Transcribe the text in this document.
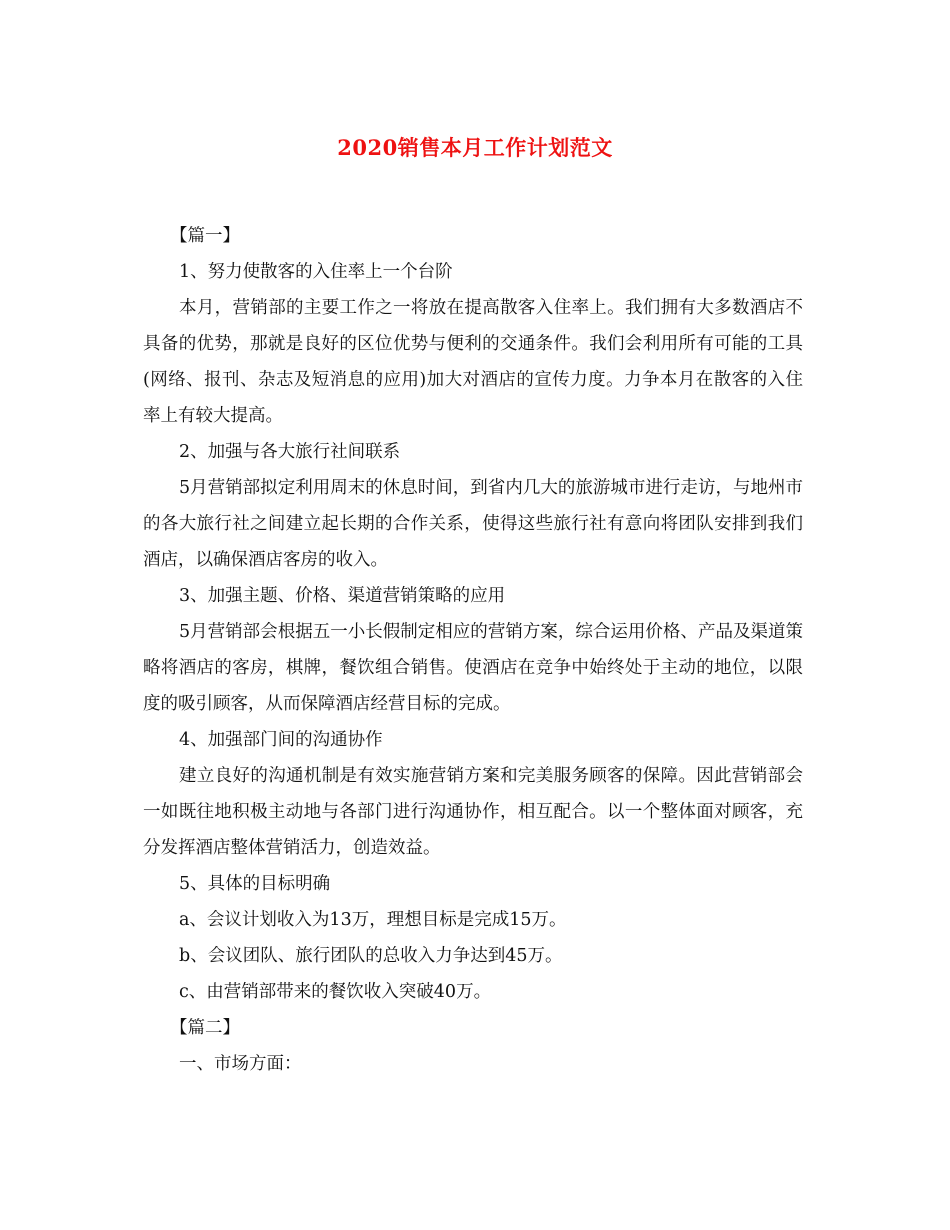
2020销售本月工作计划范文
【篇一】
1、努力使散客的入住率上一个台阶

本月，营销部的主要工作之一将放在提高散客入住率上。我们拥有大多数酒店不具备的优势，那就是良好的区位优势与便利的交通条件。我们会利用所有可能的工具(网络、报刊、杂志及短消息的应用)加大对酒店的宣传力度。力争本月在散客的入住率上有较大提高。

2、加强与各大旅行社间联系

5月营销部拟定利用周末的休息时间，到省内几大的旅游城市进行走访，与地州市的各大旅行社之间建立起长期的合作关系，使得这些旅行社有意向将团队安排到我们酒店，以确保酒店客房的收入。

3、加强主题、价格、渠道营销策略的应用

5月营销部会根据五一小长假制定相应的营销方案，综合运用价格、产品及渠道策略将酒店的客房，棋牌，餐饮组合销售。使酒店在竞争中始终处于主动的地位，以限度的吸引顾客，从而保障酒店经营目标的完成。

4、加强部门间的沟通协作

建立良好的沟通机制是有效实施营销方案和完美服务顾客的保障。因此营销部会一如既往地积极主动地与各部门进行沟通协作，相互配合。以一个整体面对顾客，充分发挥酒店整体营销活力，创造效益。

5、具体的目标明确
a、会议计划收入为13万，理想目标是完成15万。
b、会议团队、旅行团队的总收入力争达到45万。
c、由营销部带来的餐饮收入突破40万。
【篇二】
一、市场方面：
